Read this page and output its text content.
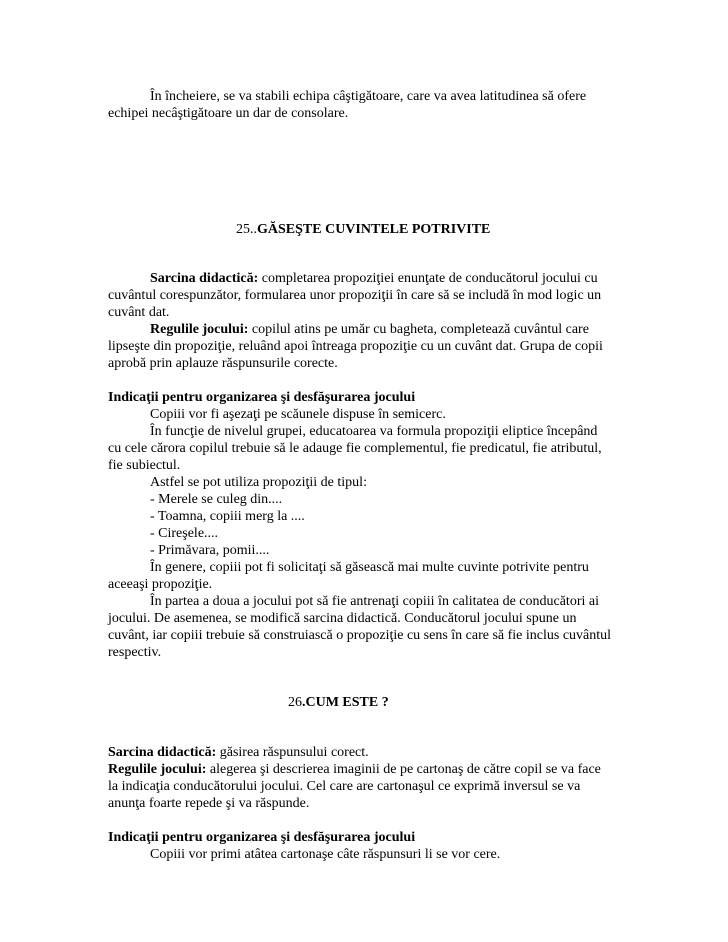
În încheiere, se va stabili echipa câştigătoare, care va avea latitudinea să ofere
echipei necâştigătoare un dar de consolare.
25..GĂSEŞTE CUVINTELE POTRIVITE
Sarcina didactică: completarea propoziţiei enunţate de conducătorul jocului cu
cuvântul corespunzător, formularea unor propoziţii în care să se includă în mod logic un
cuvânt dat.
Regulile jocului: copilul atins pe umăr cu bagheta, completează cuvântul care
lipseşte din propoziţie, reluând apoi întreaga propoziţie cu un cuvânt dat. Grupa de copii
aprobă prin aplauze răspunsurile corecte.
Indicaţii pentru organizarea şi desfăşurarea jocului
Copiii vor fi aşezaţi pe scăunele dispuse în semicerc.
În funcţie de nivelul grupei, educatoarea va formula propoziţii eliptice începând
cu cele cărora copilul trebuie să le adauge fie complementul, fie predicatul, fie atributul,
fie subiectul.
Astfel se pot utiliza propoziţii de tipul:
- Merele se culeg din....
- Toamna, copiii merg la ....
- Cireşele....
- Primăvara, pomii....
În genere, copiii pot fi solicitaţi să găsească mai multe cuvinte potrivite pentru
aceeaşi propoziţie.
În partea a doua a jocului pot să fie antrenaţi copiii în calitatea de conducători ai
jocului. De asemenea, se modifică sarcina didactică. Conducătorul jocului spune un
cuvânt, iar copiii trebuie să construiască o propoziţie cu sens în care să fie inclus cuvântul
respectiv.
26.CUM ESTE ?
Sarcina didactică: găsirea răspunsului corect.
Regulile jocului: alegerea şi descrierea imaginii de pe cartonaş de către copil se va face
la indicaţia conducătorului jocului. Cel care are cartonaşul ce exprimă inversul se va
anunţa foarte repede şi va răspunde.
Indicaţii pentru organizarea şi desfăşurarea jocului
Copiii vor primi atâtea cartonaşe câte răspunsuri li se vor cere.
